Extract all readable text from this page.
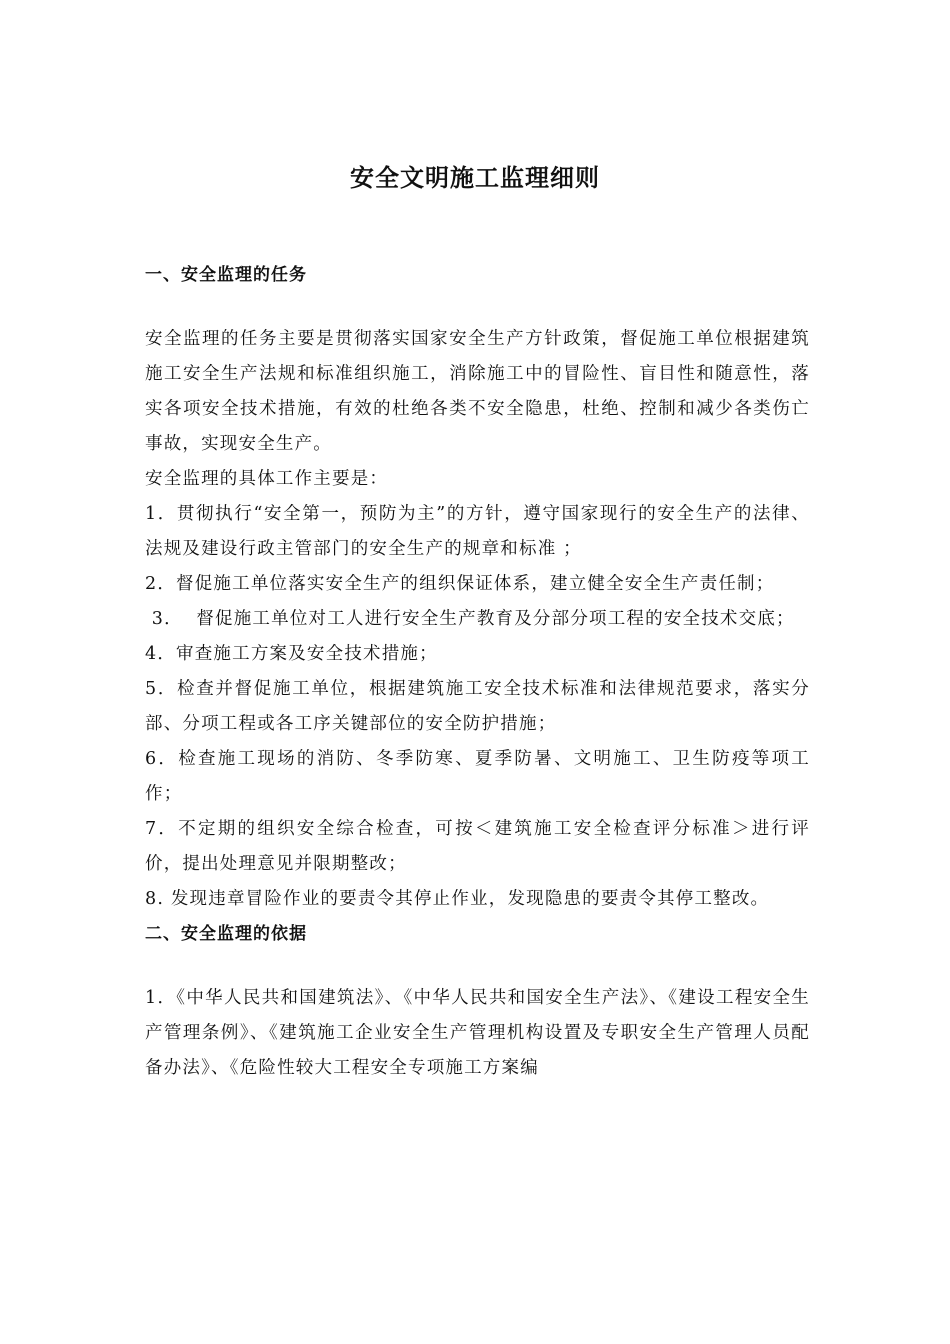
安全文明施工监理细则

一、安全监理的任务

安全监理的任务主要是贯彻落实国家安全生产方针政策，督促施工单位根据建筑施工安全生产法规和标准组织施工，消除施工中的冒险性、盲目性和随意性，落实各项安全技术措施，有效的杜绝各类不安全隐患，杜绝、控制和减少各类伤亡事故，实现安全生产。

安全监理的具体工作主要是：

1．贯彻执行“安全第一，预防为主”的方针，遵守国家现行的安全生产的法律、法规及建设行政主管部门的安全生产的规章和标准 ；

2．督促施工单位落实安全生产的组织保证体系，建立健全安全生产责任制；

3．  督促施工单位对工人进行安全生产教育及分部分项工程的安全技术交底；

4．审查施工方案及安全技术措施；

5．检查并督促施工单位，根据建筑施工安全技术标准和法律规范要求，落实分部、分项工程或各工序关键部位的安全防护措施；

6．检查施工现场的消防、冬季防寒、夏季防暑、文明施工、卫生防疫等项工作；

7．不定期的组织安全综合检查，可按＜建筑施工安全检查评分标准＞进行评价，提出处理意见并限期整改；

8. 发现违章冒险作业的要责令其停止作业，发现隐患的要责令其停工整改。

二、安全监理的依据

1．《中华人民共和国建筑法》、《中华人民共和国安全生产法》、《建设工程安全生产管理条例》、《建筑施工企业安全生产管理机构设置及专职安全生产管理人员配备办法》、《危险性较大工程安全专项施工方案编
